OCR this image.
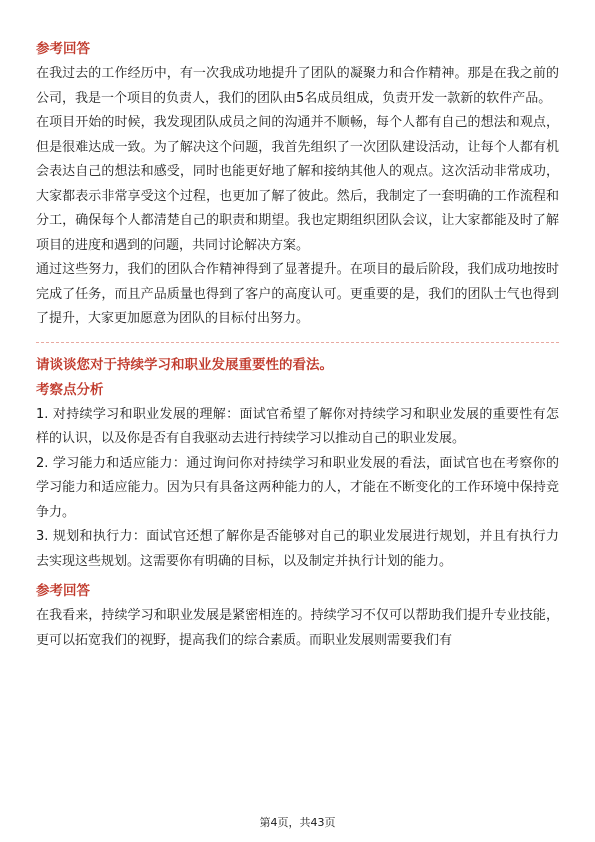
参考回答

在我过去的工作经历中，有一次我成功地提升了团队的凝聚力和合作精神。那是在我之前的公司，我是一个项目的负责人，我们的团队由5名成员组成，负责开发一款新的软件产品。

在项目开始的时候，我发现团队成员之间的沟通并不顺畅，每个人都有自己的想法和观点，但是很难达成一致。为了解决这个问题，我首先组织了一次团队建设活动，让每个人都有机会表达自己的想法和感受，同时也能更好地了解和接纳其他人的观点。这次活动非常成功，大家都表示非常享受这个过程，也更加了解了彼此。然后，我制定了一套明确的工作流程和分工，确保每个人都清楚自己的职责和期望。我也定期组织团队会议，让大家都能及时了解项目的进度和遇到的问题，共同讨论解决方案。

通过这些努力，我们的团队合作精神得到了显著提升。在项目的最后阶段，我们成功地按时完成了任务，而且产品质量也得到了客户的高度认可。更重要的是，我们的团队士气也得到了提升，大家更加愿意为团队的目标付出努力。

请谈谈您对于持续学习和职业发展重要性的看法。
考察点分析

1. 对持续学习和职业发展的理解：面试官希望了解你对持续学习和职业发展的重要性有怎样的认识，以及你是否有自我驱动去进行持续学习以推动自己的职业发展。

2. 学习能力和适应能力：通过询问你对持续学习和职业发展的看法，面试官也在考察你的学习能力和适应能力。因为只有具备这两种能力的人，才能在不断变化的工作环境中保持竞争力。

3. 规划和执行力：面试官还想了解你是否能够对自己的职业发展进行规划，并且有执行力去实现这些规划。这需要你有明确的目标，以及制定并执行计划的能力。

参考回答

在我看来，持续学习和职业发展是紧密相连的。持续学习不仅可以帮助我们提升专业技能，更可以拓宽我们的视野，提高我们的综合素质。而职业发展则需要我们有

第4页，共43页
